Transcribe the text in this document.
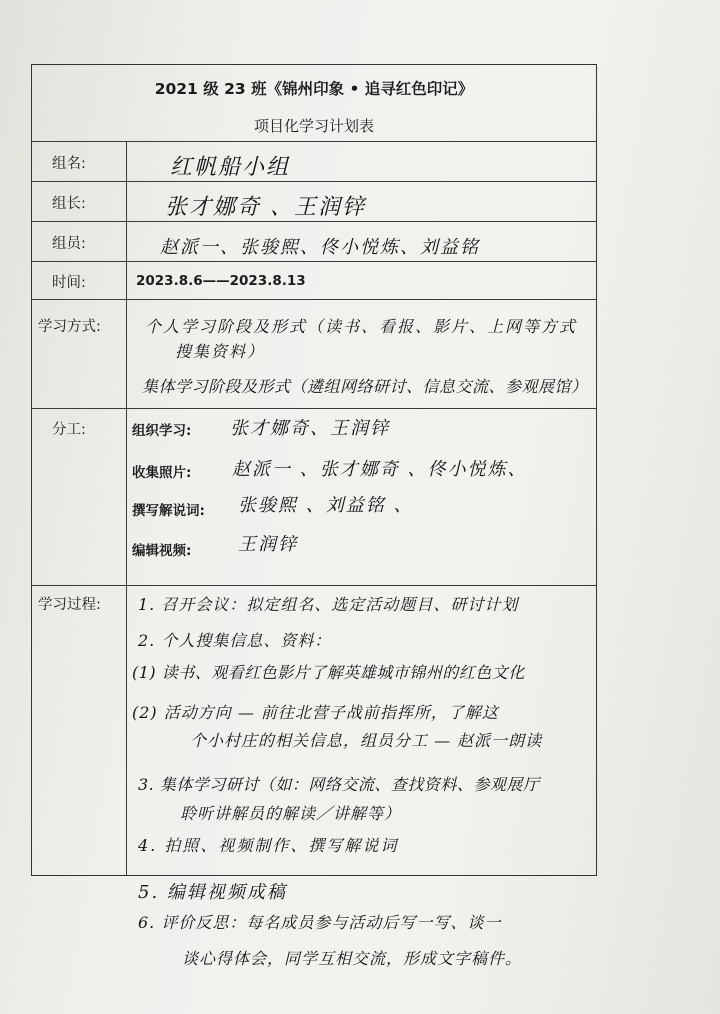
2021 级 23 班《锦州印象 • 追寻红色印记》
项目化学习计划表
组名:
组长:
组员:
时间:
学习方式:
分工:
学习过程:
2023.8.6——2023.8.13
组织学习:
收集照片:
撰写解说词:
编辑视频:
红帆船小组
张才娜奇 、王润锌
赵派一、张骏熙、佟小悦炼、刘益铭
个人学习阶段及形式（读书、看报、影片、上网等方式
搜集资料）
集体学习阶段及形式（遴组网络研讨、信息交流、参观展馆）
张才娜奇、王润锌
赵派一 、张才娜奇 、佟小悦炼、
张骏熙 、刘益铭 、
王润锌
1. 召开会议：拟定组名、选定活动题目、研讨计划
2. 个人搜集信息、资料：
(1) 读书、观看红色影片了解英雄城市锦州的红色文化
(2) 活动方向 — 前往北营子战前指挥所，了解这
个小村庄的相关信息，组员分工 — 赵派一朗读
3. 集体学习研讨（如：网络交流、查找资料、参观展厅
聆听讲解员的解读／讲解等）
4. 拍照、视频制作、撰写解说词
5. 编辑视频成稿
6. 评价反思：每名成员参与活动后写一写、谈一
谈心得体会，同学互相交流，形成文字稿件。
